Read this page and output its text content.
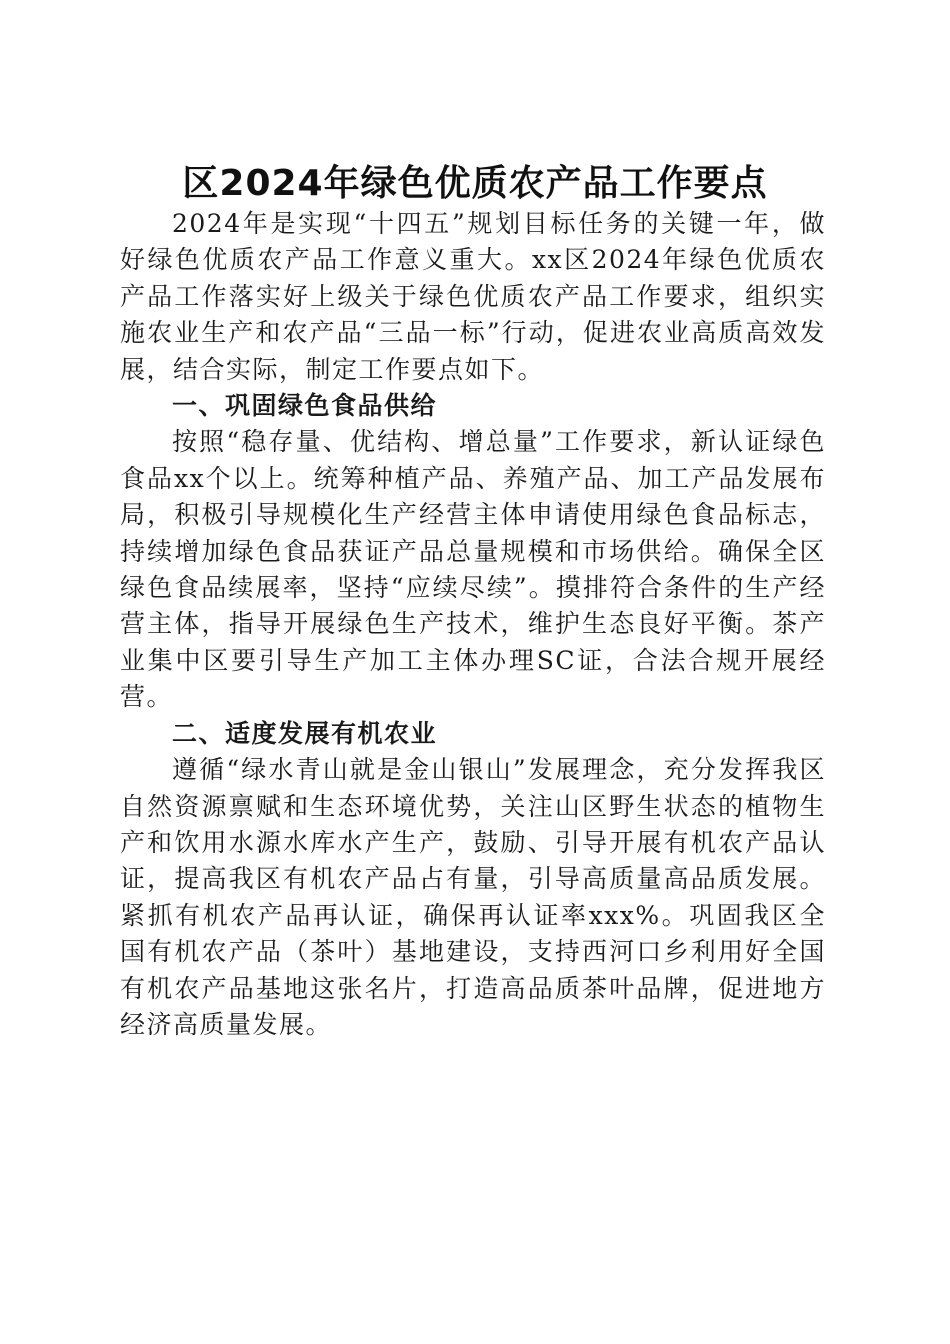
区2024年绿色优质农产品工作要点

2024年是实现“十四五”规划目标任务的关键一年，做好绿色优质农产品工作意义重大。xx区2024年绿色优质农产品工作落实好上级关于绿色优质农产品工作要求，组织实施农业生产和农产品“三品一标”行动，促进农业高质高效发展，结合实际，制定工作要点如下。

一、巩固绿色食品供给

按照“稳存量、优结构、增总量”工作要求，新认证绿色食品xx个以上。统筹种植产品、养殖产品、加工产品发展布局，积极引导规模化生产经营主体申请使用绿色食品标志，持续增加绿色食品获证产品总量规模和市场供给。确保全区绿色食品续展率，坚持“应续尽续”。摸排符合条件的生产经营主体，指导开展绿色生产技术，维护生态良好平衡。茶产业集中区要引导生产加工主体办理SC证，合法合规开展经营。

二、适度发展有机农业

遵循“绿水青山就是金山银山”发展理念，充分发挥我区自然资源禀赋和生态环境优势，关注山区野生状态的植物生产和饮用水源水库水产生产，鼓励、引导开展有机农产品认证，提高我区有机农产品占有量，引导高质量高品质发展。紧抓有机农产品再认证，确保再认证率xxx%。巩固我区全国有机农产品（茶叶）基地建设，支持西河口乡利用好全国有机农产品基地这张名片，打造高品质茶叶品牌，促进地方经济高质量发展。
